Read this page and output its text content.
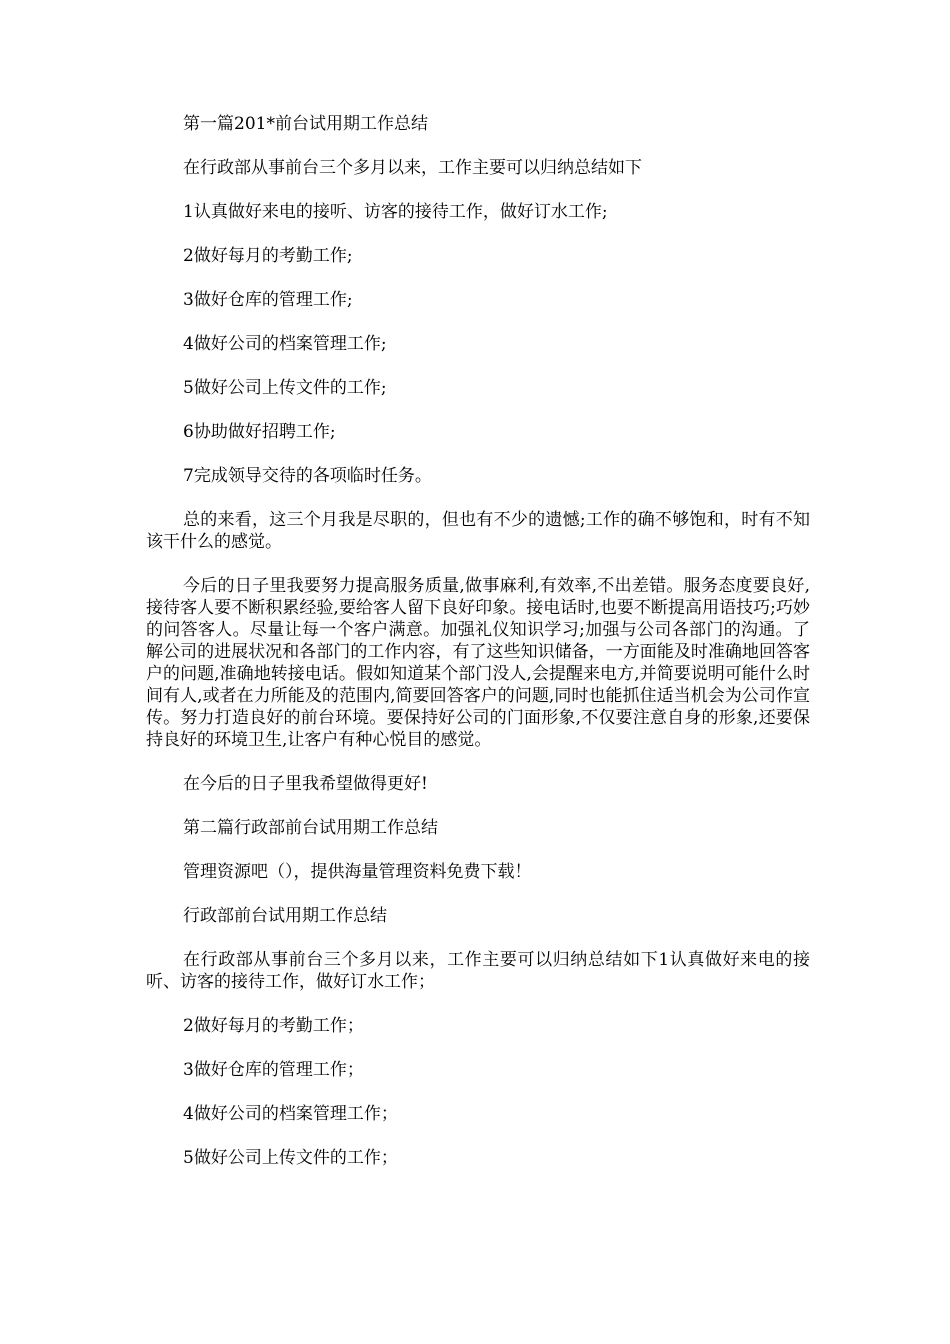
第一篇201*前台试用期工作总结

在行政部从事前台三个多月以来，工作主要可以归纳总结如下

1认真做好来电的接听、访客的接待工作，做好订水工作;

2做好每月的考勤工作;

3做好仓库的管理工作;

4做好公司的档案管理工作;

5做好公司上传文件的工作;

6协助做好招聘工作;

7完成领导交待的各项临时任务。

总的来看，这三个月我是尽职的，但也有不少的遗憾;工作的确不够饱和，时有不知该干什么的感觉。

今后的日子里我要努力提高服务质量,做事麻利,有效率,不出差错。服务态度要良好,接待客人要不断积累经验,要给客人留下良好印象。接电话时,也要不断提高用语技巧;巧妙的问答客人。尽量让每一个客户满意。加强礼仪知识学习;加强与公司各部门的沟通。了解公司的进展状况和各部门的工作内容，有了这些知识储备，一方面能及时准确地回答客户的问题,准确地转接电话。假如知道某个部门没人,会提醒来电方,并简要说明可能什么时间有人,或者在力所能及的范围内,简要回答客户的问题,同时也能抓住适当机会为公司作宣传。努力打造良好的前台环境。要保持好公司的门面形象,不仅要注意自身的形象,还要保持良好的环境卫生,让客户有种心悦目的感觉。

在今后的日子里我希望做得更好!

第二篇行政部前台试用期工作总结

管理资源吧（），提供海量管理资料免费下载！

行政部前台试用期工作总结

在行政部从事前台三个多月以来，工作主要可以归纳总结如下1认真做好来电的接听、访客的接待工作，做好订水工作；

2做好每月的考勤工作；

3做好仓库的管理工作；

4做好公司的档案管理工作；

5做好公司上传文件的工作；
